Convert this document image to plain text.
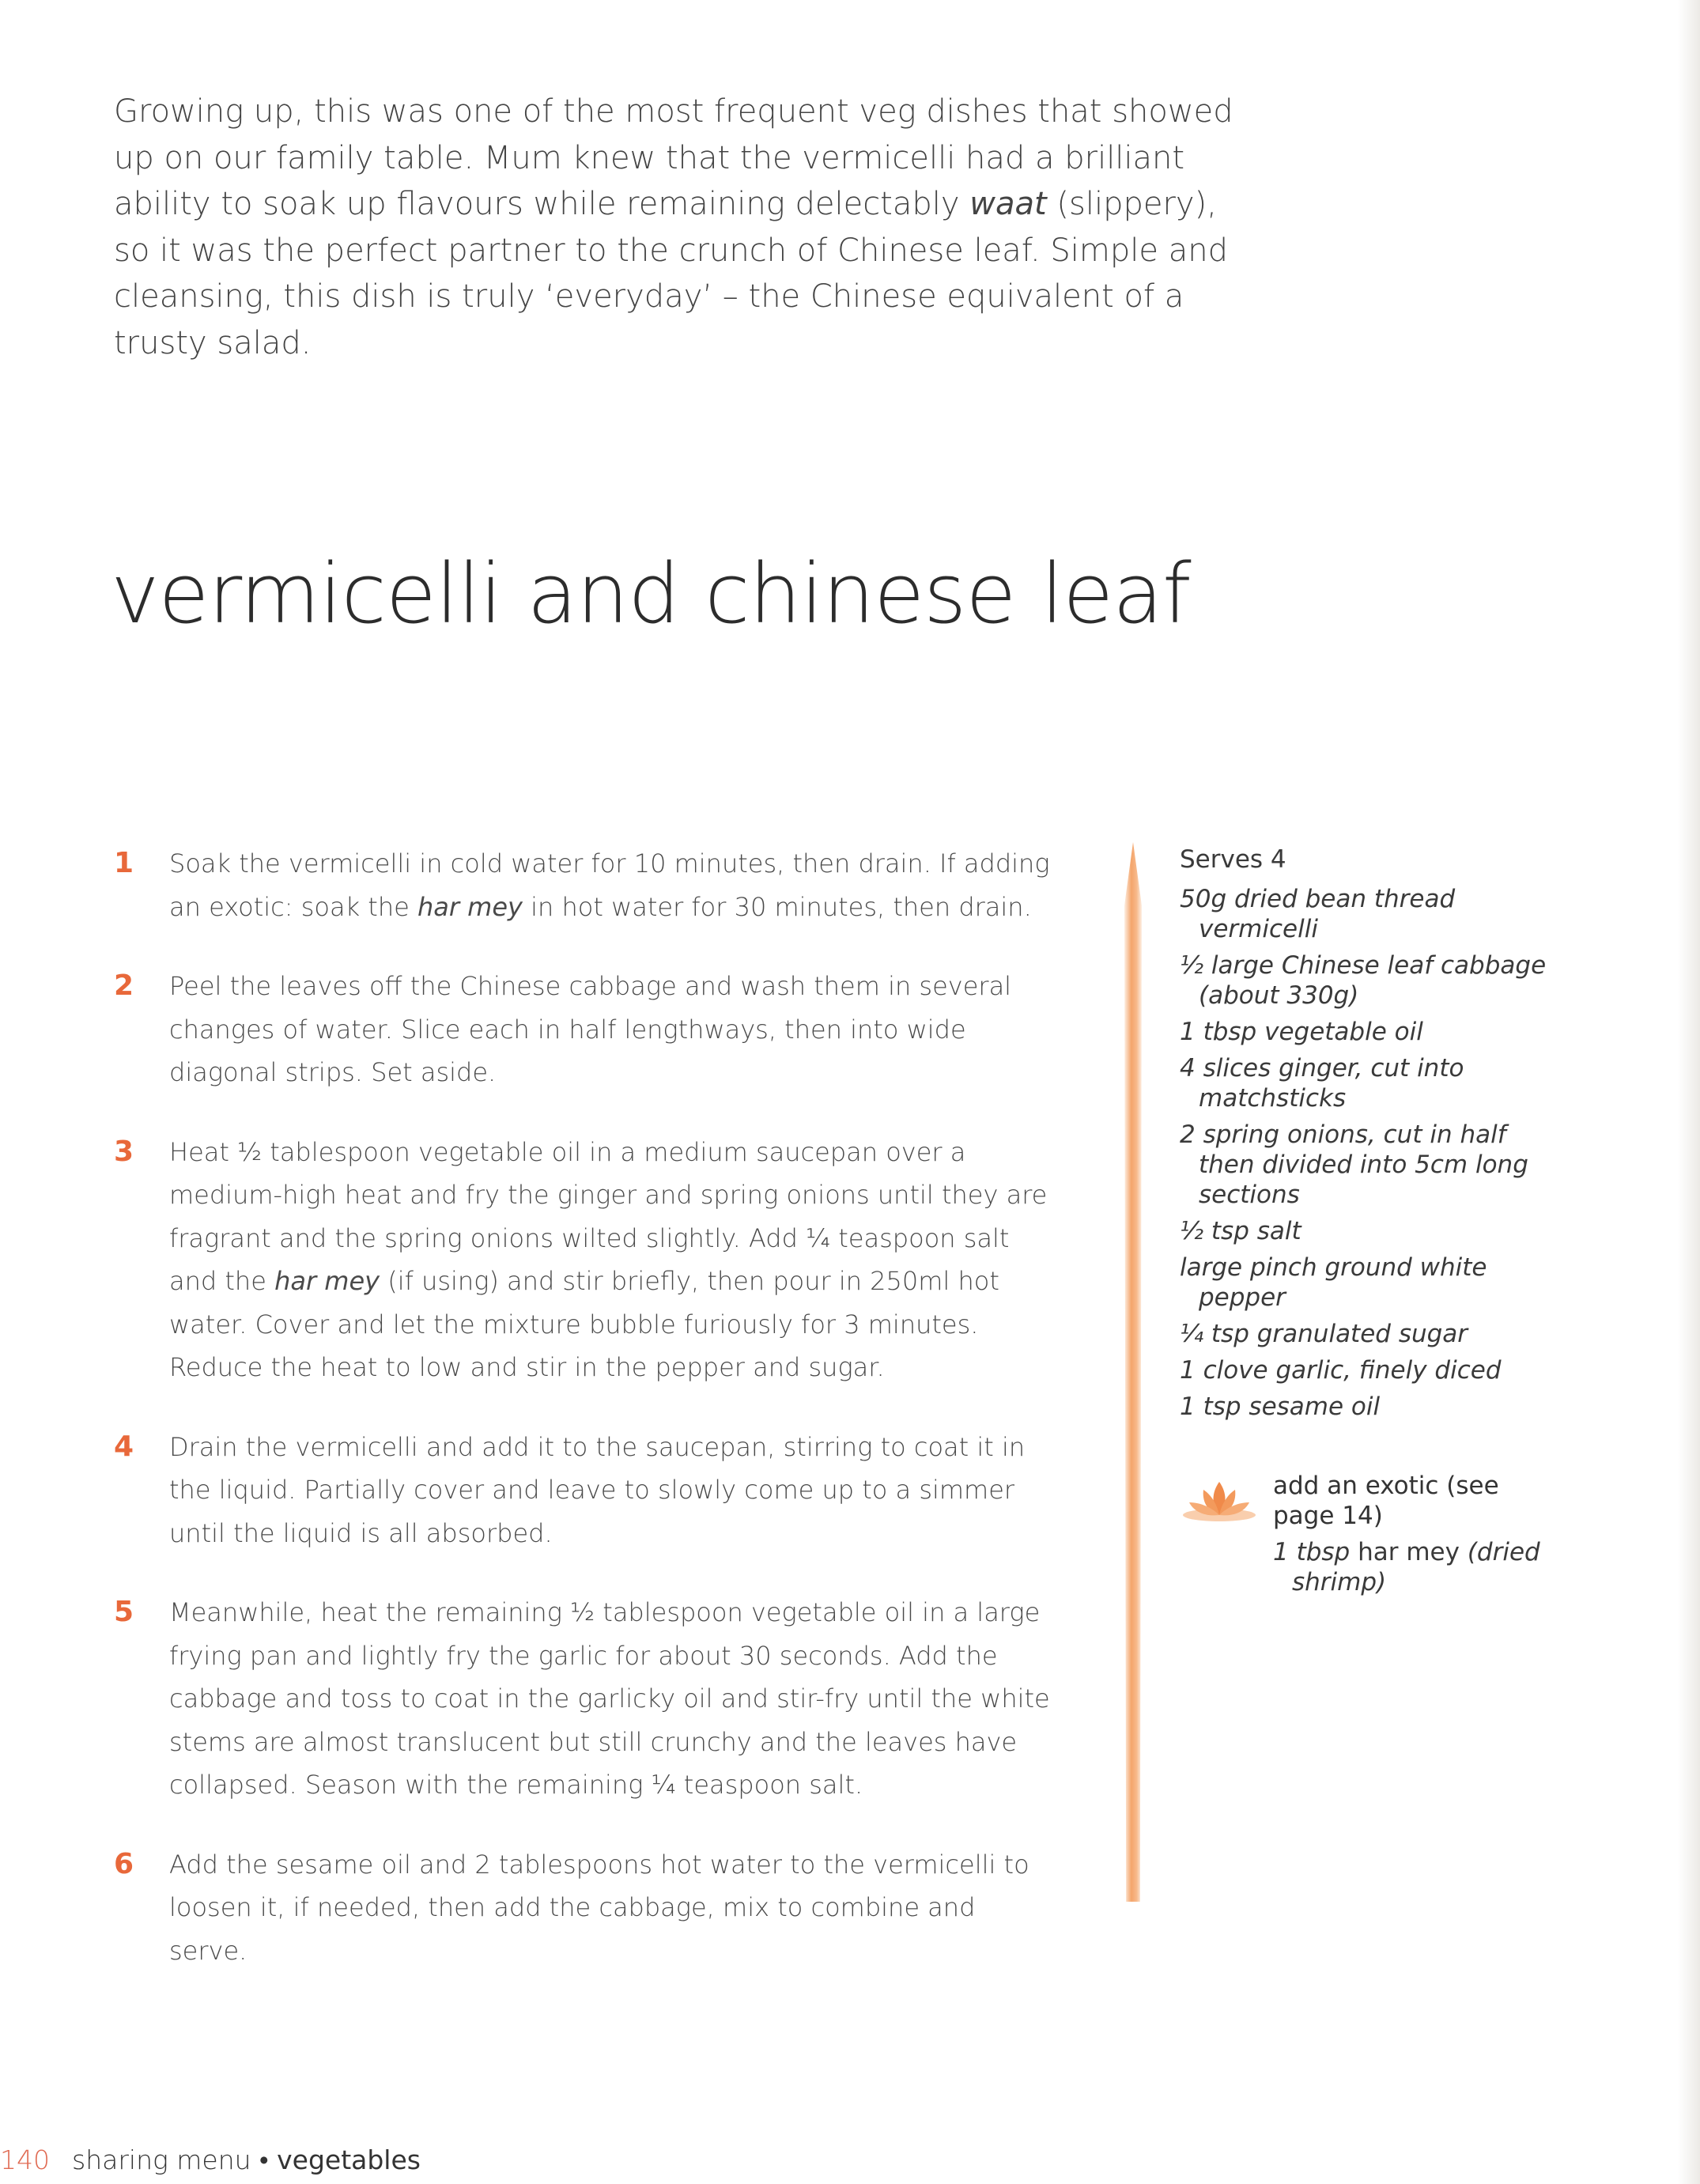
Growing up, this was one of the most frequent veg dishes that showed up on our family table. Mum knew that the vermicelli had a brilliant ability to soak up flavours while remaining delectably waat (slippery), so it was the perfect partner to the crunch of Chinese leaf. Simple and cleansing, this dish is truly ‘everyday’ – the Chinese equivalent of a trusty salad.

vermicelli and chinese leaf
1 Soak the vermicelli in cold water for 10 minutes, then drain. If adding an exotic: soak the har mey in hot water for 30 minutes, then drain.
2 Peel the leaves off the Chinese cabbage and wash them in several changes of water. Slice each in half lengthways, then into wide diagonal strips. Set aside.
3 Heat ½ tablespoon vegetable oil in a medium saucepan over a medium-high heat and fry the ginger and spring onions until they are fragrant and the spring onions wilted slightly. Add ¼ teaspoon salt and the har mey (if using) and stir briefly, then pour in 250ml hot water. Cover and let the mixture bubble furiously for 3 minutes. Reduce the heat to low and stir in the pepper and sugar.
4 Drain the vermicelli and add it to the saucepan, stirring to coat it in the liquid. Partially cover and leave to slowly come up to a simmer until the liquid is all absorbed.
5 Meanwhile, heat the remaining ½ tablespoon vegetable oil in a large frying pan and lightly fry the garlic for about 30 seconds. Add the cabbage and toss to coat in the garlicky oil and stir-fry until the white stems are almost translucent but still crunchy and the leaves have collapsed. Season with the remaining ¼ teaspoon salt.
6 Add the sesame oil and 2 tablespoons hot water to the vermicelli to loosen it, if needed, then add the cabbage, mix to combine and serve.
Serves 4
50g dried bean thread vermicelli
½ large Chinese leaf cabbage (about 330g)
1 tbsp vegetable oil
4 slices ginger, cut into matchsticks
2 spring onions, cut in half then divided into 5cm long sections
½ tsp salt
large pinch ground white pepper
¼ tsp granulated sugar
1 clove garlic, finely diced
1 tsp sesame oil
add an exotic (see page 14)
1 tbsp har mey (dried shrimp)
140 sharing menu • vegetables
